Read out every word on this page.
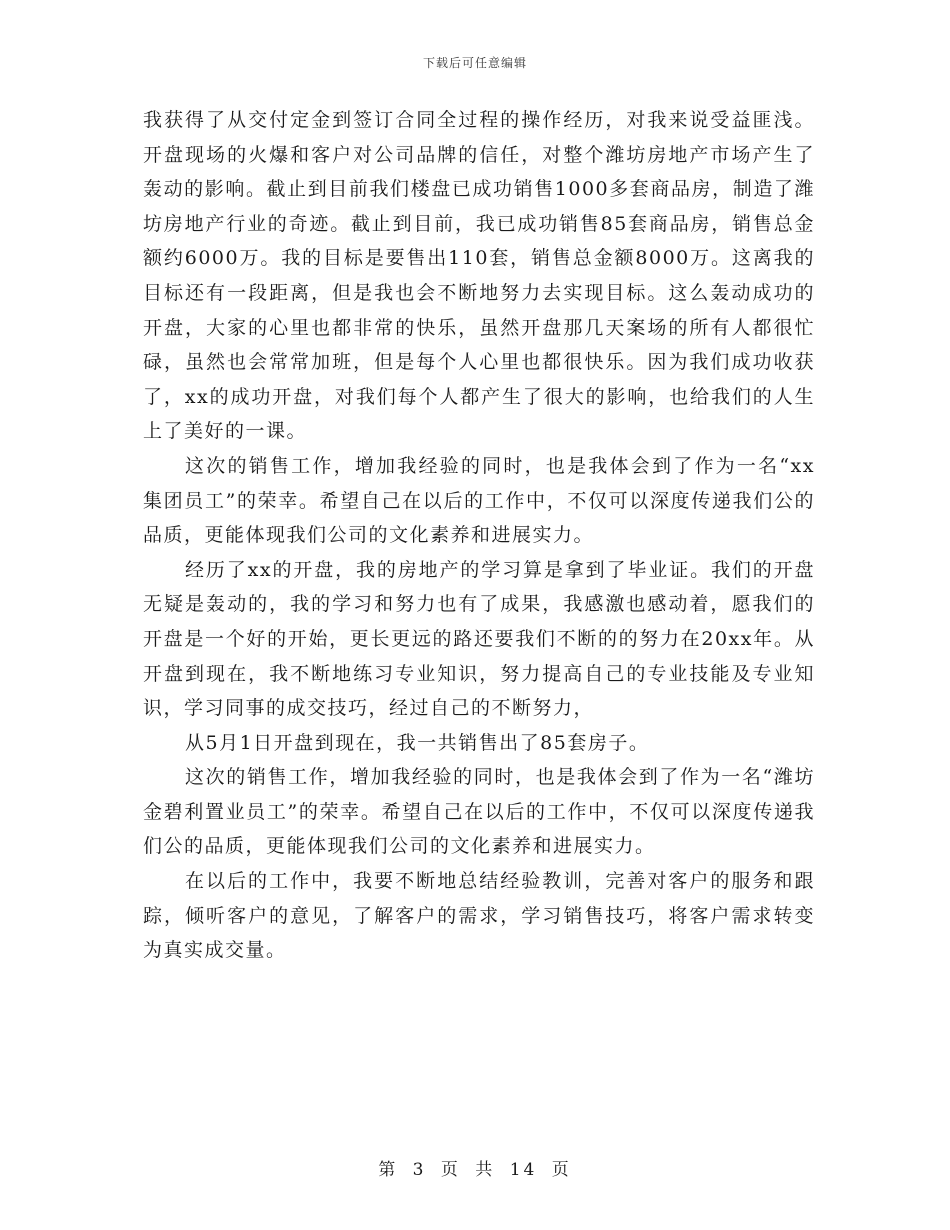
下载后可任意编辑

我获得了从交付定金到签订合同全过程的操作经历，对我来说受益匪浅。开盘现场的火爆和客户对公司品牌的信任，对整个潍坊房地产市场产生了轰动的影响。截止到目前我们楼盘已成功销售1000多套商品房，制造了潍坊房地产行业的奇迹。截止到目前，我已成功销售85套商品房，销售总金额约6000万。我的目标是要售出110套，销售总金额8000万。这离我的目标还有一段距离，但是我也会不断地努力去实现目标。这么轰动成功的开盘，大家的心里也都非常的快乐，虽然开盘那几天案场的所有人都很忙碌，虽然也会常常加班，但是每个人心里也都很快乐。因为我们成功收获了，xx的成功开盘，对我们每个人都产生了很大的影响，也给我们的人生上了美好的一课。

这次的销售工作，增加我经验的同时，也是我体会到了作为一名“xx集团员工”的荣幸。希望自己在以后的工作中，不仅可以深度传递我们公的品质，更能体现我们公司的文化素养和进展实力。

经历了xx的开盘，我的房地产的学习算是拿到了毕业证。我们的开盘无疑是轰动的，我的学习和努力也有了成果，我感激也感动着，愿我们的开盘是一个好的开始，更长更远的路还要我们不断的的努力在20xx年。从开盘到现在，我不断地练习专业知识，努力提高自己的专业技能及专业知识，学习同事的成交技巧，经过自己的不断努力，

从5月1日开盘到现在，我一共销售出了85套房子。

这次的销售工作，增加我经验的同时，也是我体会到了作为一名“潍坊金碧利置业员工”的荣幸。希望自己在以后的工作中，不仅可以深度传递我们公的品质，更能体现我们公司的文化素养和进展实力。

在以后的工作中，我要不断地总结经验教训，完善对客户的服务和跟踪，倾听客户的意见，了解客户的需求，学习销售技巧，将客户需求转变为真实成交量。

第 3 页 共 14 页
